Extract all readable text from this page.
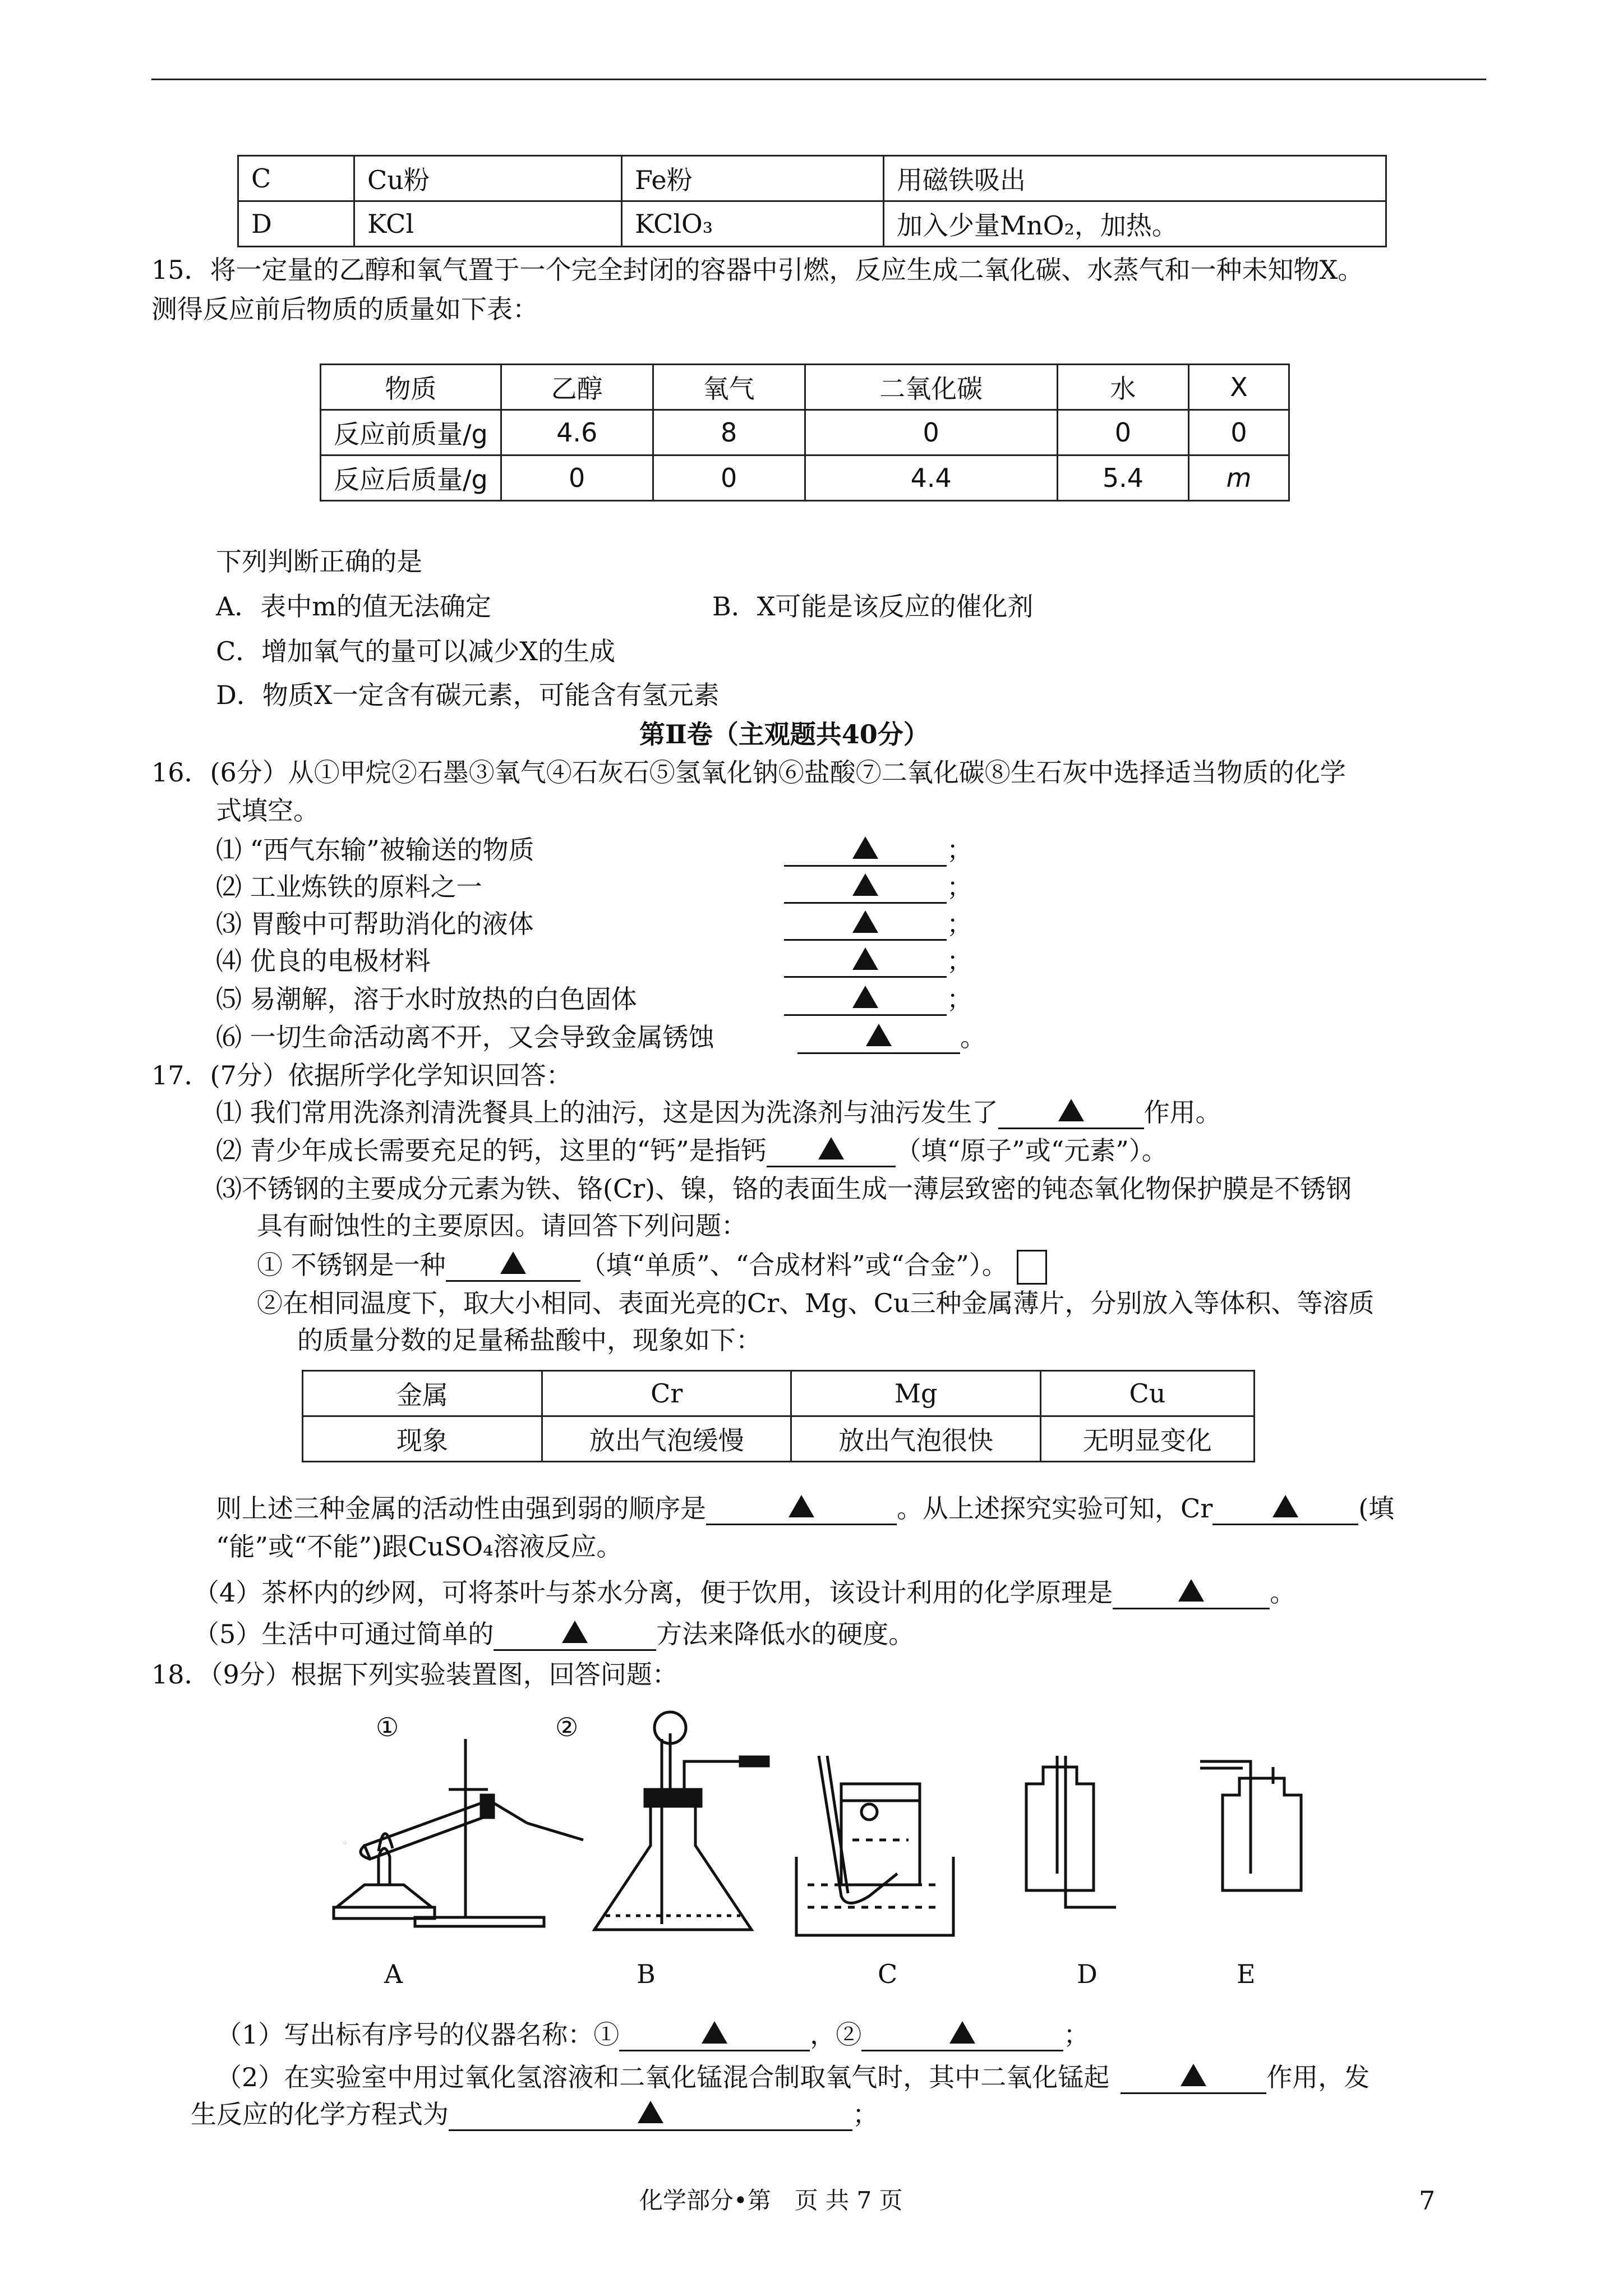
C	Cu粉	Fe粉	用磁铁吸出
D	KCl	KClO₃	加入少量MnO₂，加热。
15．将一定量的乙醇和氧气置于一个完全封闭的容器中引燃，反应生成二氧化碳、水蒸气和一种未知物X。
测得反应前后物质的质量如下表：
物质	乙醇	氧气	二氧化碳	水	X
反应前质量/g	4.6	8	0	0	0
反应后质量/g	0	0	4.4	5.4	m
下列判断正确的是
A．表中m的值无法确定	B．X可能是该反应的催化剂
C．增加氧气的量可以减少X的生成
D．物质X一定含有碳元素，可能含有氢元素
第Ⅱ卷（主观题共40分）
16．(6分）从①甲烷②石墨③氧气④石灰石⑤氢氧化钠⑥盐酸⑦二氧化碳⑧生石灰中选择适当物质的化学
式填空。
⑴ “西气东输”被输送的物质	；
⑵ 工业炼铁的原料之一	；
⑶ 胃酸中可帮助消化的液体	；
⑷ 优良的电极材料	；
⑸ 易潮解，溶于水时放热的白色固体	；
⑹ 一切生命活动离不开，又会导致金属锈蚀	。
17．(7分）依据所学化学知识回答：
⑴ 我们常用洗涤剂清洗餐具上的油污，这是因为洗涤剂与油污发生了	作用。
⑵ 青少年成长需要充足的钙，这里的“钙”是指钙	（填“原子”或“元素”）。
⑶不锈钢的主要成分元素为铁、铬(Cr)、镍，铬的表面生成一薄层致密的钝态氧化物保护膜是不锈钢
具有耐蚀性的主要原因。请回答下列问题：
① 不锈钢是一种	（填“单质”、“合成材料”或“合金”）。
②在相同温度下，取大小相同、表面光亮的Cr、Mg、Cu三种金属薄片，分别放入等体积、等溶质
的质量分数的足量稀盐酸中，现象如下：
金属	Cr	Mg	Cu
现象	放出气泡缓慢	放出气泡很快	无明显变化
则上述三种金属的活动性由强到弱的顺序是	。从上述探究实验可知，Cr	(填
“能”或“不能”)跟CuSO₄溶液反应。
（4）茶杯内的纱网，可将茶叶与茶水分离，便于饮用，该设计利用的化学原理是	。
（5）生活中可通过简单的	方法来降低水的硬度。
18．（9分）根据下列实验装置图，回答问题：
①	②
A	B	C	D	E
（1）写出标有序号的仪器名称：①	，②	；
（2）在实验室中用过氧化氢溶液和二氧化锰混合制取氧气时，其中二氧化锰起	作用，发
生反应的化学方程式为	；
化学部分•第　页 共 7 页	7
